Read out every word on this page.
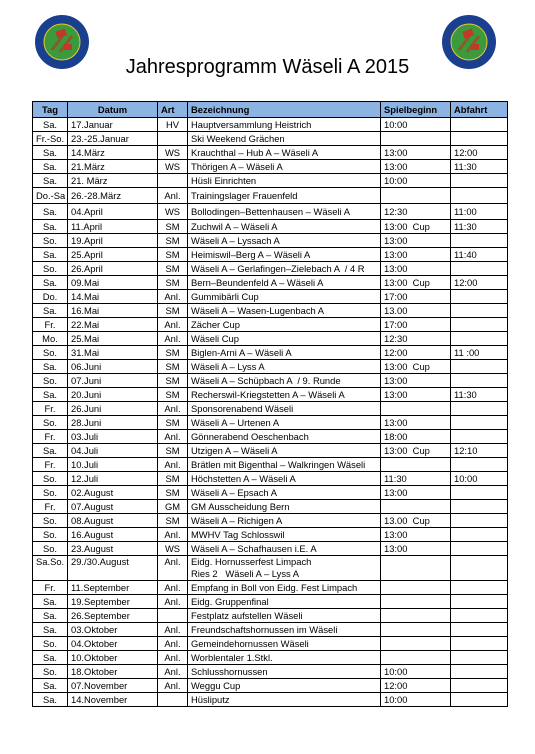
Jahresprogramm Wäseli A 2015
Tag	Datum	Art	Bezeichnung	Spielbeginn	Abfahrt
Sa.	17.Januar	HV	Hauptversammlung Heistrich	10:00	
Fr.-So.	23.-25.Januar		Ski Weekend Grächen		
Sa.	14.März	WS	Krauchthal – Hub A – Wäseli A	13:00	12:00
Sa.	21.März	WS	Thörigen A – Wäseli A	13:00	11:30
Sa.	21. März		Hüsli Einrichten	10:00	
Do.-Sa	26.-28.März	Anl.	Trainingslager Frauenfeld		
Sa.	04.April	WS	Bollodingen–Bettenhausen – Wäseli A	12:30	11:00
Sa.	11.April	SM	Zuchwil A – Wäseli A	13:00  Cup	11:30
So.	19.April	SM	Wäseli A – Lyssach A	13:00	
Sa.	25.April	SM	Heimiswil–Berg A – Wäseli A	13:00	11:40
So.	26.April	SM	Wäseli A – Gerlafingen–Zielebach A  / 4 R	13:00	
Sa.	09.Mai	SM	Bern–Beundenfeld A – Wäseli A	13:00  Cup	12:00
Do.	14.Mai	Anl.	Gummibärli Cup	17:00	
Sa.	16.Mai	SM	Wäseli A – Wasen-Lugenbach A	13.00	
Fr.	22.Mai	Anl.	Zächer Cup	17:00	
Mo.	25.Mai	Anl.	Wäseli Cup	12:30	
So.	31.Mai	SM	Biglen-Arni A – Wäseli A	12:00	11 :00
Sa.	06.Juni	SM	Wäseli A – Lyss A	13:00  Cup	
So.	07.Juni	SM	Wäseli A – Schüpbach A  / 9. Runde	13:00	
Sa.	20.Juni	SM	Recherswil-Kriegstetten A – Wäseli A	13:00	11:30
Fr.	26.Juni	Anl.	Sponsorenabend Wäseli		
So.	28.Juni	SM	Wäseli A – Urtenen A	13:00	
Fr.	03.Juli	Anl.	Gönnerabend Oeschenbach	18:00	
Sa.	04.Juli	SM	Utzigen A – Wäseli A	13:00  Cup	12:10
Fr.	10.Juli	Anl.	Brätlen mit Bigenthal – Walkringen Wäseli		
So.	12.Juli	SM	Höchstetten A – Wäseli A	11:30	10:00
So.	02.August	SM	Wäseli A – Epsach A	13:00	
Fr.	07.August	GM	GM Ausscheidung Bern		
So.	08.August	SM	Wäseli A – Richigen A	13.00  Cup	
So.	16.August	Anl.	MWHV Tag Schlosswil	13:00	
So.	23.August	WS	Wäseli A – Schafhausen i.E. A	13:00	
Sa.So.	29./30.August	Anl.	Eidg. Hornusserfest Limpach
Ries 2   Wäseli A – Lyss A		

Fr.	11.September	Anl.	Empfang in Boll von Eidg. Fest Limpach		
Sa.	19.September	Anl.	Eidg. Gruppenfinal		
Sa.	26.September		Festplatz aufstellen Wäseli		
Sa.	03.Oktober	Anl.	Freundschaftshornussen im Wäseli		
So.	04.Oktober	Anl.	Gemeindehornussen Wäseli		
Sa.	10.Oktober	Anl.	Worblentaler 1.Stkl.		
So.	18.Oktober	Anl.	Schlusshornussen	10:00	
Sa.	07.November	Anl.	Weggu Cup	12:00	
Sa.	14.November		Hüsliputz	10:00	
